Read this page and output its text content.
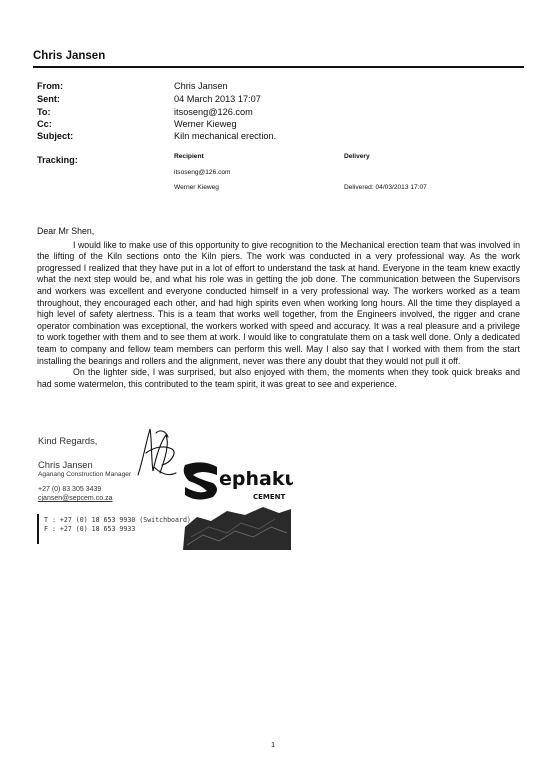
Chris Jansen
From:	Chris Jansen
Sent:	04 March 2013 17:07
To:	itsoseng@126.com
Cc:	Werner Kieweg
Subject:	Kiln mechanical erection.
Tracking:	Recipient	Delivery
itsoseng@126.com
Werner Kieweg	Delivered: 04/03/2013 17:07

Dear Mr Shen,

I would like to make use of this opportunity to give recognition to the Mechanical erection team that was involved in the lifting of the Kiln sections onto the Kiln piers. The work was conducted in a very professional way. As the work progressed I realized that they have put in a lot of effort to understand the task at hand. Everyone in the team knew exactly what the next step would be, and what his role was in getting the job done. The communication between the Supervisors and workers was excellent and everyone conducted himself in a very professional way. The workers worked as a team throughout, they encouraged each other, and had high spirits even when working long hours. All the time they displayed a high level of safety alertness. This is a team that works well together, from the Engineers involved, the rigger and crane operator combination was exceptional, the workers worked with speed and accuracy. It was a real pleasure and a privilege to work together with them and to see them at work. I would like to congratulate them on a task well done. Only a dedicated team to company and fellow team members can perform this well. May I also say that I worked with them from the start installing the bearings and rollers and the alignment, never was there any doubt that they would not pull it off.

On the lighter side, I was surprised, but also enjoyed with them, the moments when they took quick breaks and had some watermelon, this contributed to the team spirit, it was great to see and experience.

Kind Regards,
Chris Jansen
Aganang Construction Manager
+27 (0) 83 305 3439
cjansen@sepcem.co.za
ephaku
CEMENT
T : +27 (0) 18 653 9930 (Switchboard)
F : +27 (0) 18 653 9933
1
